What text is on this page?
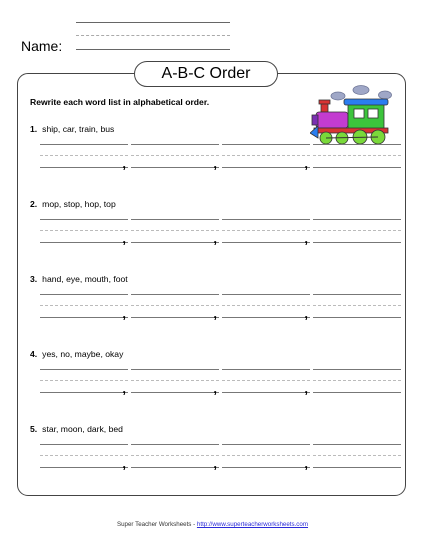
Name:
A-B-C Order
Rewrite each word list in alphabetical order.
1. ship, car, train, bus
,	,	,
2. mop, stop, hop, top
,	,	,
3. hand, eye, mouth, foot
,	,	,
4. yes, no, maybe, okay
,	,	,
5. star, moon, dark, bed
,	,	,
Super Teacher Worksheets - http://www.superteacherworksheets.com
